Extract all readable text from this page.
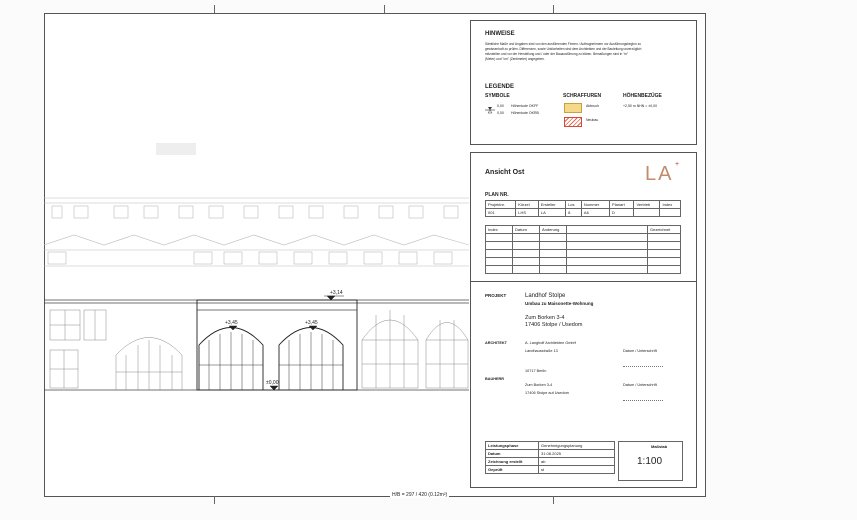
H/B = 297 / 420 (0.12m²)
+3,14
+3,45	+3,45
±0,00
HINWEISE
Sämtliche Maße und Angaben sind von den ausführenden Firmen / Auftragnehmern vor Ausführungsbeginn zu
gewissenhaft zu prüfen. Differenzen, sowie Unklarheiten sind dem Architekten und der Bauleitung unverzüglich
mitzuteilen und vor der Herstellung und / oder der Bauausführung zu klären. Bemaßungen sind in "m"
(Meter) und "cm" (Zentimeter) angegeben.
LEGENDE
SYMBOLE
0,00
0,00
Höhenkote OKFF
Höhenkote OKRB
SCHRAFFUREN
Abbruch
Neubau
HÖHENBEZÜGE
+2,50 m NHN = ±0,00
Ansicht Ost	LA +
PLAN NR.
Projektnr.	Kürzel	Ersteller	Los	Nummer	Planart	Vertrieb	Index
001	LHS	LA	8	A6	D		
Index	Datum	Änderung		Gezeichnet

PROJEKT	Landhof Stolpe
Umbau zu Maisonette-Wohnung
Zum Borken 3-4
17406 Stolpe / Usedom
ARCHITEKT	A. Langhoff Architekten GmbH
Landhausstraße 13
10717 Berlin
Datum / Unterschrift
BAUHERR
Zum Borken 3-4
17406 Stolpe auf Usedom
Datum / Unterschrift
Leistungsphase	Genehmigungsplanung
Datum	31.08.2025
Zeichnung erstellt	ab
Geprüft	st
Maßstab
1:100
